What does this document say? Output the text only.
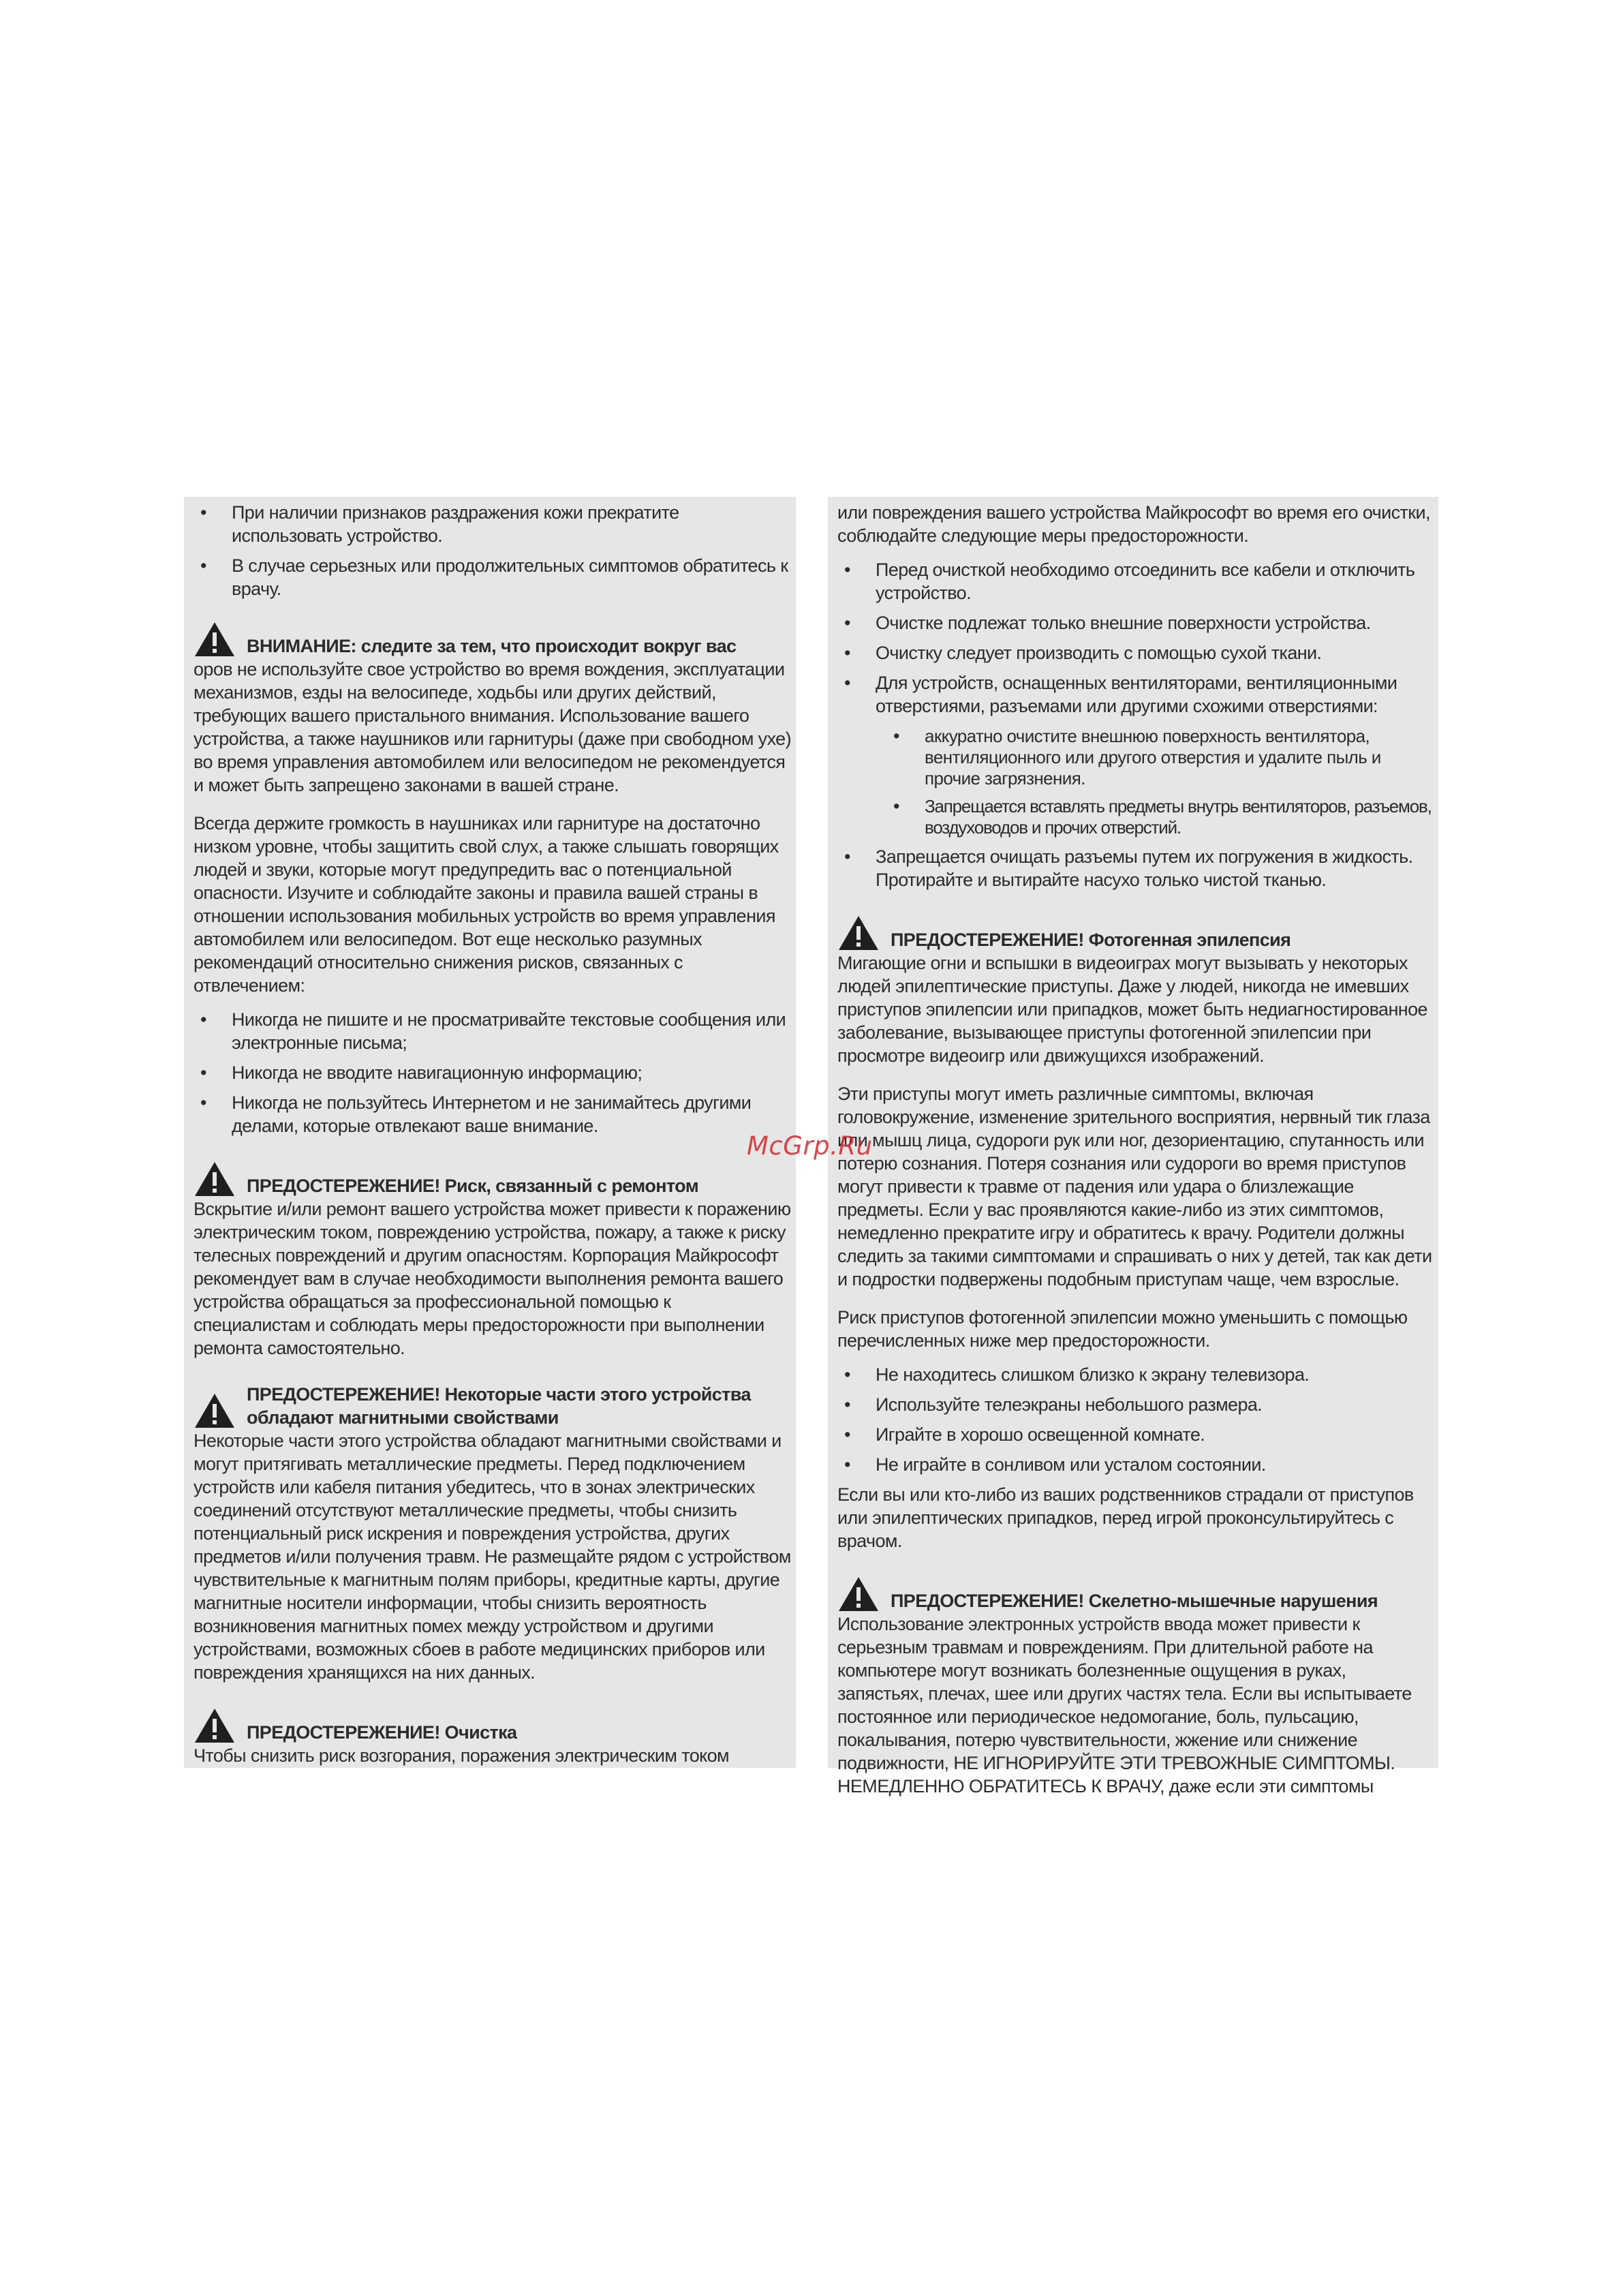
• При наличии признаков раздражения кожи прекратите использовать устройство.
• В случае серьезных или продолжительных симптомов обратитесь к врачу.
ВНИМАНИЕ: следите за тем, что происходит вокруг вас

оров не используйте свое устройство во время вождения, эксплуатации механизмов, езды на велосипеде, ходьбы или других действий, требующих вашего пристального внимания. Использование вашего устройства, а также наушников или гарнитуры (даже при свободном ухе) во время управления автомобилем или велосипедом не рекомендуется и может быть запрещено законами в вашей стране.

Всегда держите громкость в наушниках или гарнитуре на достаточно низком уровне, чтобы защитить свой слух, а также слышать говорящих людей и звуки, которые могут предупредить вас о потенциальной опасности. Изучите и соблюдайте законы и правила вашей страны в отношении использования мобильных устройств во время управления автомобилем или велосипедом. Вот еще несколько разумных рекомендаций относительно снижения рисков, связанных с отвлечением:

• Никогда не пишите и не просматривайте текстовые сообщения или электронные письма;
• Никогда не вводите навигационную информацию;
• Никогда не пользуйтесь Интернетом и не занимайтесь другими делами, которые отвлекают ваше внимание.
ПРЕДОСТЕРЕЖЕНИЕ! Риск, связанный с ремонтом

Вскрытие и/или ремонт вашего устройства может привести к поражению электрическим током, повреждению устройства, пожару, а также к риску телесных повреждений и другим опасностям. Корпорация Майкрософт рекомендует вам в случае необходимости выполнения ремонта вашего устройства обращаться за профессиональной помощью к специалистам и соблюдать меры предосторожности при выполнении ремонта самостоятельно.

ПРЕДОСТЕРЕЖЕНИЕ! Некоторые части этого устройства обладают магнитными свойствами

Некоторые части этого устройства обладают магнитными свойствами и могут притягивать металлические предметы. Перед подключением устройств или кабеля питания убедитесь, что в зонах электрических соединений отсутствуют металлические предметы, чтобы снизить потенциальный риск искрения и повреждения устройства, других предметов и/или получения травм. Не размещайте рядом с устройством чувствительные к магнитным полям приборы, кредитные карты, другие магнитные носители информации, чтобы снизить вероятность возникновения магнитных помех между устройством и другими устройствами, возможных сбоев в работе медицинских приборов или повреждения хранящихся на них данных.

ПРЕДОСТЕРЕЖЕНИЕ! Очистка

Чтобы снизить риск возгорания, поражения электрическим током

или повреждения вашего устройства Майкрософт во время его очистки, соблюдайте следующие меры предосторожности.

• Перед очисткой необходимо отсоединить все кабели и отключить устройство.
• Очистке подлежат только внешние поверхности устройства.
• Очистку следует производить с помощью сухой ткани.
• Для устройств, оснащенных вентиляторами, вентиляционными отверстиями, разъемами или другими схожими отверстиями:
• аккуратно очистите внешнюю поверхность вентилятора, вентиляционного или другого отверстия и удалите пыль и прочие загрязнения.
• Запрещается вставлять предметы внутрь вентиляторов, разъемов, воздуховодов и прочих отверстий.
• Запрещается очищать разъемы путем их погружения в жидкость. Протирайте и вытирайте насухо только чистой тканью.
ПРЕДОСТЕРЕЖЕНИЕ! Фотогенная эпилепсия

Мигающие огни и вспышки в видеоиграх могут вызывать у некоторых людей эпилептические приступы. Даже у людей, никогда не имевших приступов эпилепсии или припадков, может быть недиагностированное заболевание, вызывающее приступы фотогенной эпилепсии при просмотре видеоигр или движущихся изображений.

Эти приступы могут иметь различные симптомы, включая головокружение, изменение зрительного восприятия, нервный тик глаза или мышц лица, судороги рук или ног, дезориентацию, спутанность или потерю сознания. Потеря сознания или судороги во время приступов могут привести к травме от падения или удара о близлежащие предметы. Если у вас проявляются какие-либо из этих симптомов, немедленно прекратите игру и обратитесь к врачу. Родители должны следить за такими симптомами и спрашивать о них у детей, так как дети и подростки подвержены подобным приступам чаще, чем взрослые.

Риск приступов фотогенной эпилепсии можно уменьшить с помощью перечисленных ниже мер предосторожности.

• Не находитесь слишком близко к экрану телевизора.
• Используйте телеэкраны небольшого размера.
• Играйте в хорошо освещенной комнате.
• Не играйте в сонливом или усталом состоянии.

Если вы или кто-либо из ваших родственников страдали от приступов или эпилептических припадков, перед игрой проконсультируйтесь с врачом.

ПРЕДОСТЕРЕЖЕНИЕ! Скелетно-мышечные нарушения

Использование электронных устройств ввода может привести к серьезным травмам и повреждениям. При длительной работе на компьютере могут возникать болезненные ощущения в руках, запястьях, плечах, шее или других частях тела. Если вы испытываете постоянное или периодическое недомогание, боль, пульсацию, покалывания, потерю чувствительности, жжение или снижение подвижности, НЕ ИГНОРИРУЙТЕ ЭТИ ТРЕВОЖНЫЕ СИМПТОМЫ. НЕМЕДЛЕННО ОБРАТИТЕСЬ К ВРАЧУ, даже если эти симптомы

McGrp.Ru
